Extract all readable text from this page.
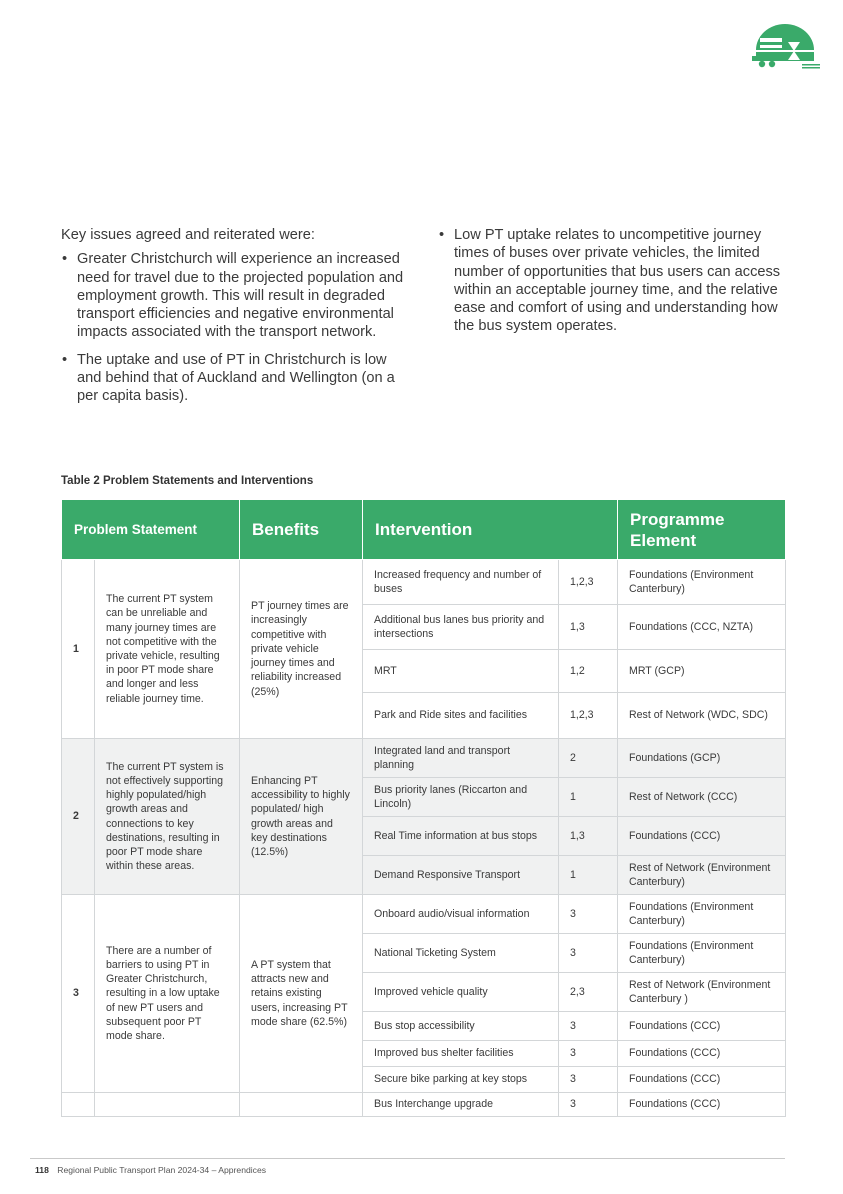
Key issues agreed and reiterated were:

• Greater Christchurch will experience an increased need for travel due to the projected population and employment growth. This will result in degraded transport efficiencies and negative environmental impacts associated with the transport network.
• The uptake and use of PT in Christchurch is low and behind that of Auckland and Wellington (on a per capita basis).
• Low PT uptake relates to uncompetitive journey times of buses over private vehicles, the limited number of opportunities that bus users can access within an acceptable journey time, and the relative ease and comfort of using and understanding how the bus system operates.
Table 2 Problem Statements and Interventions
Problem Statement		Benefits	Intervention		Programme Element
1	The current PT system can be unreliable and many journey times are not competitive with the private vehicle, resulting in poor PT mode share and longer and less reliable journey time.	PT journey times are increasingly competitive with private vehicle journey times and reliability increased (25%)	Increased frequency and number of buses	1,2,3	Foundations (Environment Canterbury)
			Additional bus lanes bus priority and intersections	1,3	Foundations (CCC, NZTA)
			MRT	1,2	MRT (GCP)
			Park and Ride sites and facilities	1,2,3	Rest of Network (WDC, SDC)
2	The current PT system is not effectively supporting highly populated/high growth areas and connections to key destinations, resulting in poor PT mode share within these areas.	Enhancing PT accessibility to highly populated/ high growth areas and key destinations (12.5%)	Integrated land and transport planning	2	Foundations (GCP)
			Bus priority lanes (Riccarton and Lincoln)	1	Rest of Network (CCC)
			Real Time information at bus stops	1,3	Foundations (CCC)
			Demand Responsive Transport	1	Rest of Network (Environment Canterbury)
3	There are a number of barriers to using PT in Greater Christchurch, resulting in a low uptake of new PT users and subsequent poor PT mode share.	A PT system that attracts new and retains existing users, increasing PT mode share (62.5%)	Onboard audio/visual information	3	Foundations (Environment Canterbury)
			National Ticketing System	3	Foundations (Environment Canterbury)
			Improved vehicle quality	2,3	Rest of Network (Environment Canterbury )
			Bus stop accessibility	3	Foundations (CCC)
			Improved bus shelter facilities	3	Foundations (CCC)
			Secure bike parking at key stops	3	Foundations (CCC)
			Bus Interchange upgrade	3	Foundations (CCC)
118 Regional Public Transport Plan 2024-34 – Apprendices
